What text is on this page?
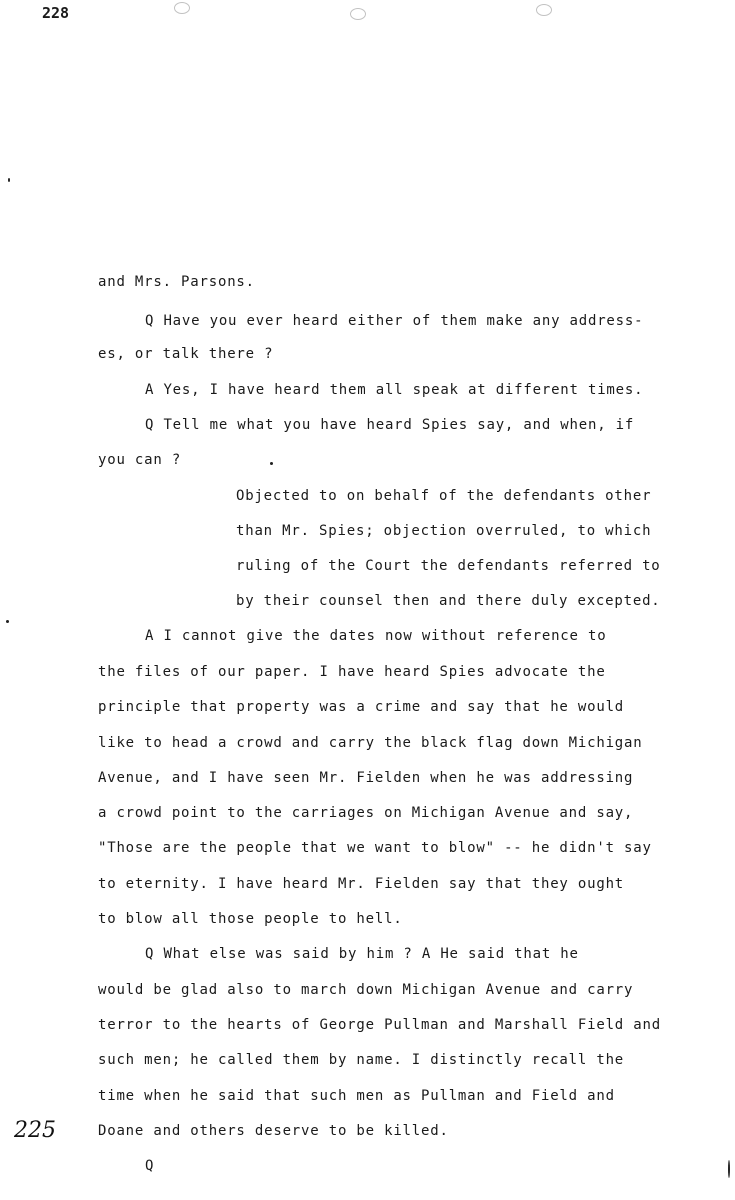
228
and Mrs. Parsons.
Q Have you ever heard either of them make any address-
es, or talk there ?
A Yes, I have heard them all speak at different times.
Q Tell me what you have heard Spies say, and when, if
you can ?
Objected to on behalf of the defendants other
than Mr. Spies; objection overruled, to which
ruling of the Court the defendants referred to
by their counsel then and there duly excepted.
A I cannot give the dates now without reference to
the files of our paper. I have heard Spies advocate the
principle that property was a crime and say that he would
like to head a crowd and carry the black flag down Michigan
Avenue, and I have seen Mr. Fielden when he was addressing
a crowd point to the carriages on Michigan Avenue and say,
"Those are the people that we want to blow" -- he didn't say
to eternity. I have heard Mr. Fielden say that they ought
to blow all those people to hell.
Q What else was said by him ? A He said that he
would be glad also to march down Michigan Avenue and carry
terror to the hearts of George Pullman and Marshall Field and
such men; he called them by name. I distinctly recall the
time when he said that such men as Pullman and Field and
Doane and others deserve to be killed.
Q
225
